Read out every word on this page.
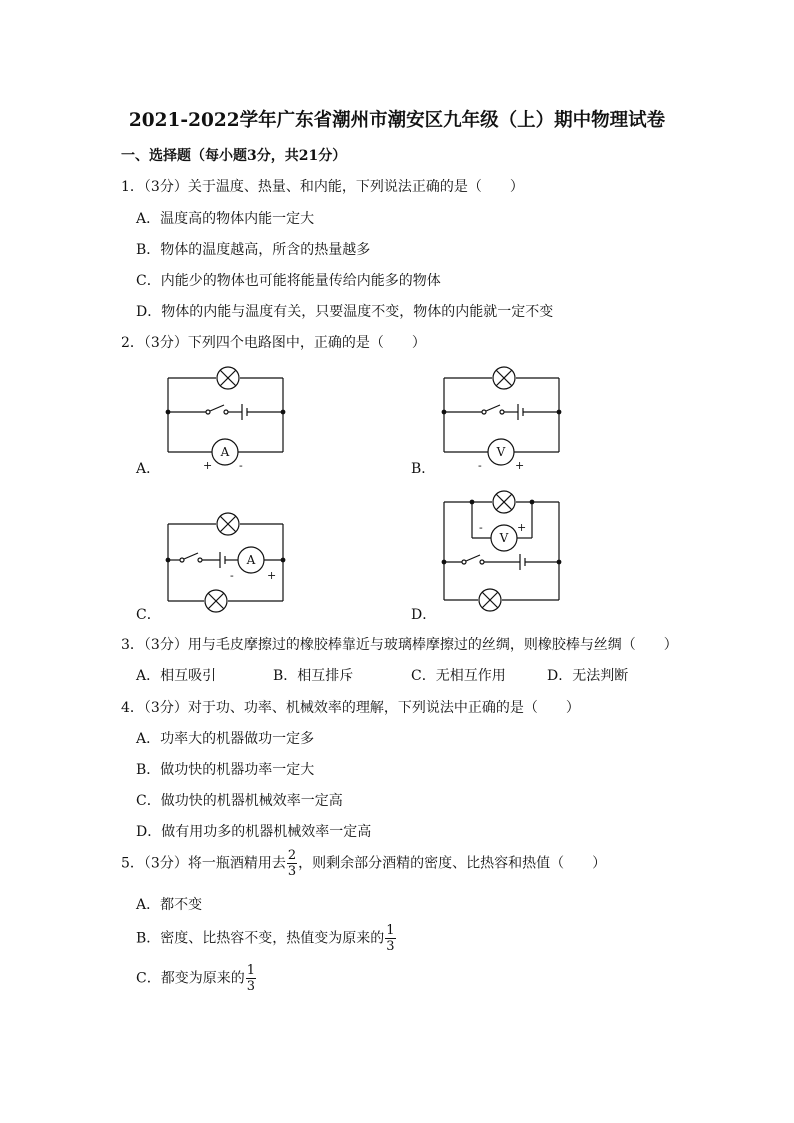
2021-2022学年广东省潮州市潮安区九年级（上）期中物理试卷
一、选择题（每小题3分，共21分）
1．（3分）关于温度、热量、和内能，下列说法正确的是（　　）
A．温度高的物体内能一定大
B．物体的温度越高，所含的热量越多
C．内能少的物体也可能将能量传给内能多的物体
D．物体的内能与温度有关，只要温度不变，物体的内能就一定不变
2．（3分）下列四个电路图中，正确的是（　　）
A
+ -
A．
V
-	+
B．
A
-	+
C．
V
-	+
D．
3．（3分）用与毛皮摩擦过的橡胶棒靠近与玻璃棒摩擦过的丝绸，则橡胶棒与丝绸（　　）
A．相互吸引	B．相互排斥	C．无相互作用	D．无法判断
4．（3分）对于功、功率、机械效率的理解，下列说法中正确的是（　　）
A．功率大的机器做功一定多
B．做功快的机器功率一定大
C．做功快的机器机械效率一定高
D．做有用功多的机器机械效率一定高
5．（3分）将一瓶酒精用去 $\frac{2}{3}$ ，则剩余部分酒精的密度、比热容和热值（　　）
A．都不变
B．密度、比热容不变，热值变为原来的 $\frac{1}{3}$
C．都变为原来的 $\frac{1}{3}$
